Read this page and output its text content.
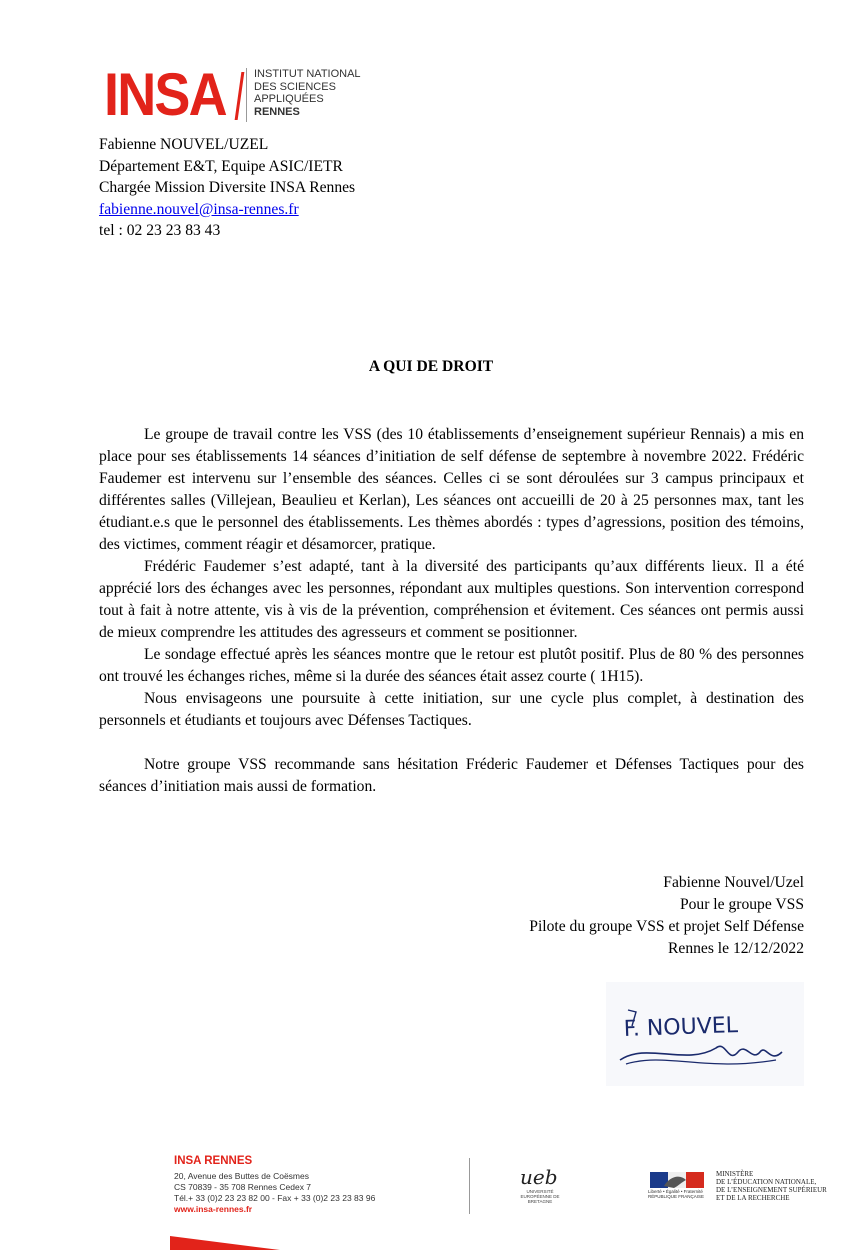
INSA	INSTITUT NATIONAL
DES SCIENCES
APPLIQUÉES
RENNES
Fabienne NOUVEL/UZEL
Département E&T, Equipe ASIC/IETR
Chargée Mission Diversite INSA Rennes
fabienne.nouvel@insa-rennes.fr
tel : 02 23 23 83 43
A QUI DE DROIT

Le groupe de travail contre les VSS (des 10 établissements d’enseignement supérieur Rennais) a mis en place pour ses établissements 14 séances d’initiation de self défense de septembre à novembre 2022. Frédéric Faudemer est intervenu sur l’ensemble des séances. Celles ci se sont déroulées sur 3 campus principaux et différentes salles (Villejean, Beaulieu et Kerlan), Les séances ont accueilli de 20 à 25 personnes max, tant les étudiant.e.s que le personnel des établissements. Les thèmes abordés : types d’agressions, position des témoins, des victimes, comment réagir et désamorcer, pratique.

Frédéric Faudemer s’est adapté, tant à la diversité des participants qu’aux différents lieux. Il a été apprécié lors des échanges avec les personnes, répondant aux multiples questions. Son intervention correspond tout à fait à notre attente, vis à vis de la prévention, compréhension et évitement. Ces séances ont permis aussi de mieux comprendre les attitudes des agresseurs et comment se positionner.

Le sondage effectué après les séances montre que le retour est plutôt positif. Plus de 80 % des personnes ont trouvé les échanges riches, même si la durée des séances était assez courte ( 1H15).

Nous envisageons une poursuite à cette initiation, sur une cycle plus complet, à destination des personnels et étudiants et toujours avec Défenses Tactiques.

Notre groupe VSS recommande sans hésitation Fréderic Faudemer et Défenses Tactiques pour des séances d’initiation mais aussi de formation.

Fabienne Nouvel/Uzel
Pour le groupe VSS
Pilote du groupe VSS et projet Self Défense
Rennes le 12/12/2022
F. NOUVEL
INSA RENNES
20, Avenue des Buttes de Coësmes
CS 70839 - 35 708 Rennes Cedex 7
Tél.+ 33 (0)2 23 23 82 00 - Fax + 33 (0)2 23 23 83 96
www.insa-rennes.fr
ueb
UNIVERSITÉ EUROPÉENNE DE BRETAGNE
Liberté • Égalité • Fraternité RÉPUBLIQUE FRANÇAISE
MINISTÈRE
DE L’ÉDUCATION NATIONALE,
DE L’ENSEIGNEMENT SUPÉRIEUR
ET DE LA RECHERCHE
